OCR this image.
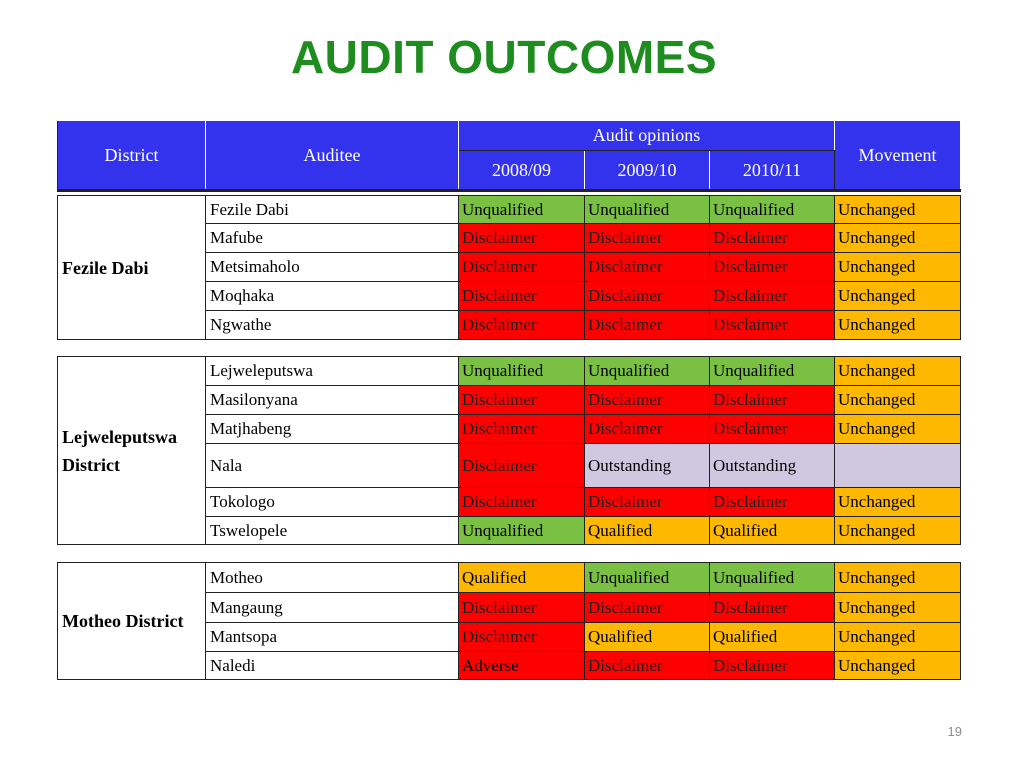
AUDIT OUTCOMES
District	Auditee	Audit opinions			Movement
		2008/09	2009/10	2010/11	
Fezile Dabi	Fezile Dabi	Unqualified	Unqualified	Unqualified	Unchanged
	Mafube	Disclaimer	Disclaimer	Disclaimer	Unchanged
	Metsimaholo	Disclaimer	Disclaimer	Disclaimer	Unchanged
	Moqhaka	Disclaimer	Disclaimer	Disclaimer	Unchanged
	Ngwathe	Disclaimer	Disclaimer	Disclaimer	Unchanged
Lejweleputswa District	Lejweleputswa	Unqualified	Unqualified	Unqualified	Unchanged
	Masilonyana	Disclaimer	Disclaimer	Disclaimer	Unchanged
	Matjhabeng	Disclaimer	Disclaimer	Disclaimer	Unchanged
	Nala	Disclaimer	Outstanding	Outstanding	
	Tokologo	Disclaimer	Disclaimer	Disclaimer	Unchanged
	Tswelopele	Unqualified	Qualified	Qualified	Unchanged
Motheo District	Motheo	Qualified	Unqualified	Unqualified	Unchanged
	Mangaung	Disclaimer	Disclaimer	Disclaimer	Unchanged
	Mantsopa	Disclaimer	Qualified	Qualified	Unchanged
	Naledi	Adverse	Disclaimer	Disclaimer	Unchanged
19
